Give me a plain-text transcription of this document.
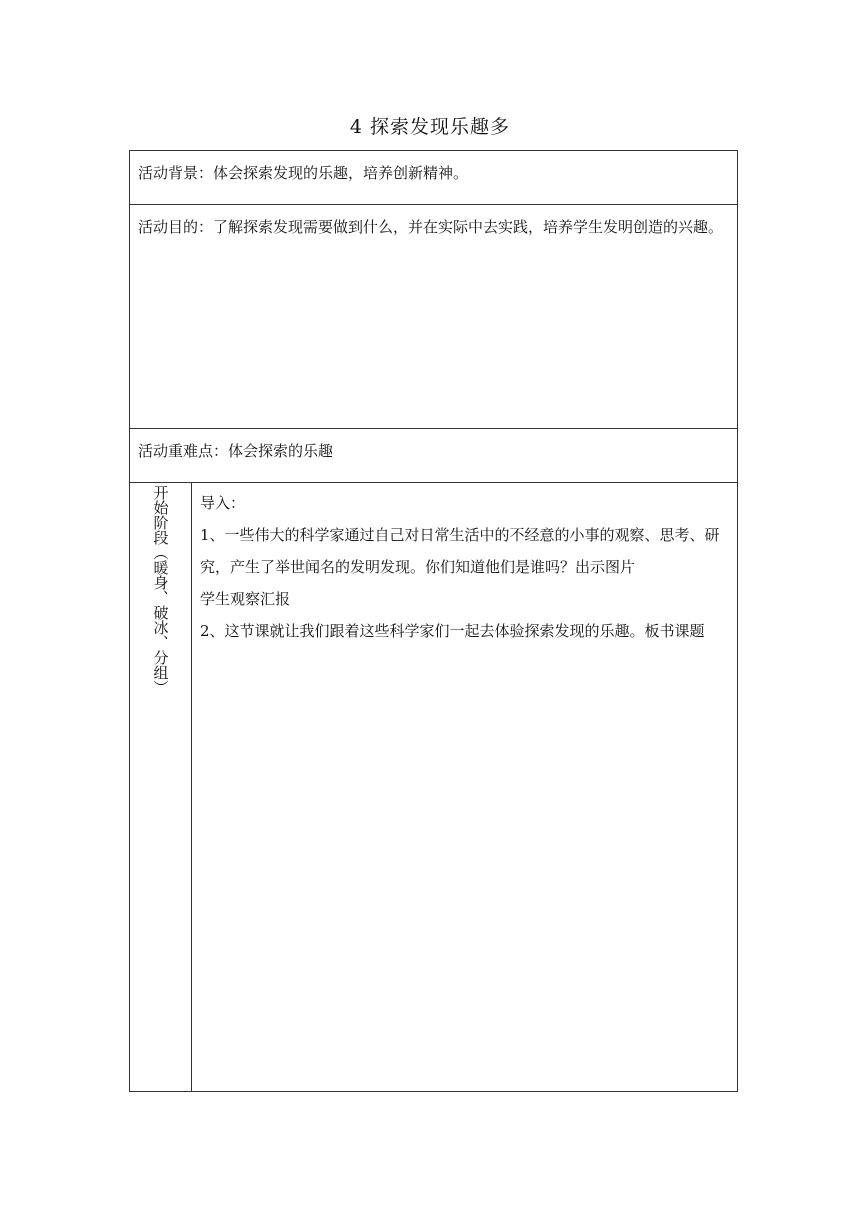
4 探索发现乐趣多
活动背景：体会探索发现的乐趣，培养创新精神。
活动目的：了解探索发现需要做到什么，并在实际中去实践，培养学生发明创造的兴趣。
活动重难点：体会探索的乐趣
开始阶段（暖身、破冰、分组） 导入：

1、一些伟大的科学家通过自己对日常生活中的不经意的小事的观察、思考、研究，产生了举世闻名的发明发现。你们知道他们是谁吗？出示图片

学生观察汇报

2、这节课就让我们跟着这些科学家们一起去体验探索发现的乐趣。板书课题
